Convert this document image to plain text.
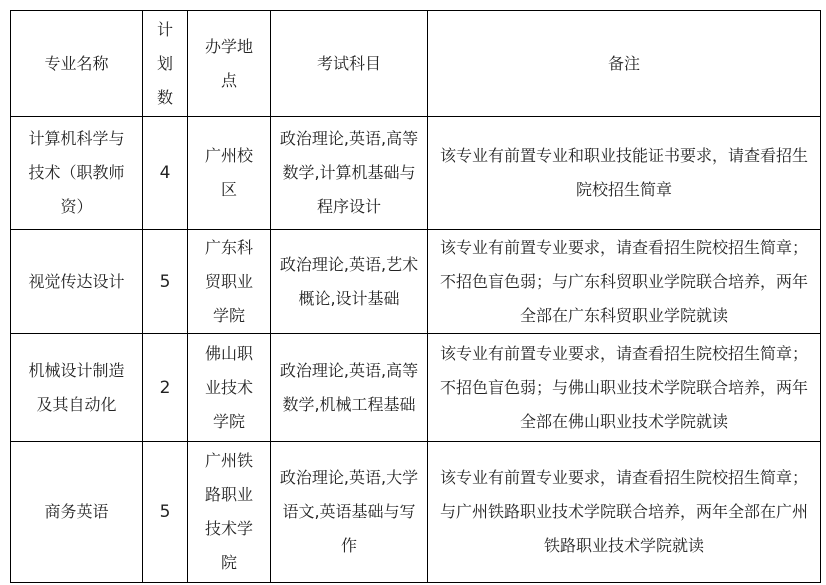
专业名称	计划数	办学地点	考试科目	备注
计算机科学与技术（职教师资）	4	广州校区	政治理论,英语,高等数学,计算机基础与程序设计	该专业有前置专业和职业技能证书要求，请查看招生院校招生简章
视觉传达设计	5	广东科贸职业学院	政治理论,英语,艺术概论,设计基础	该专业有前置专业要求，请查看招生院校招生简章；不招色盲色弱；与广东科贸职业学院联合培养，两年全部在广东科贸职业学院就读
机械设计制造及其自动化	2	佛山职业技术学院	政治理论,英语,高等数学,机械工程基础	该专业有前置专业要求，请查看招生院校招生简章；不招色盲色弱；与佛山职业技术学院联合培养，两年全部在佛山职业技术学院就读
商务英语	5	广州铁路职业技术学院	政治理论,英语,大学语文,英语基础与写作	该专业有前置专业要求，请查看招生院校招生简章；与广州铁路职业技术学院联合培养，两年全部在广州铁路职业技术学院就读
